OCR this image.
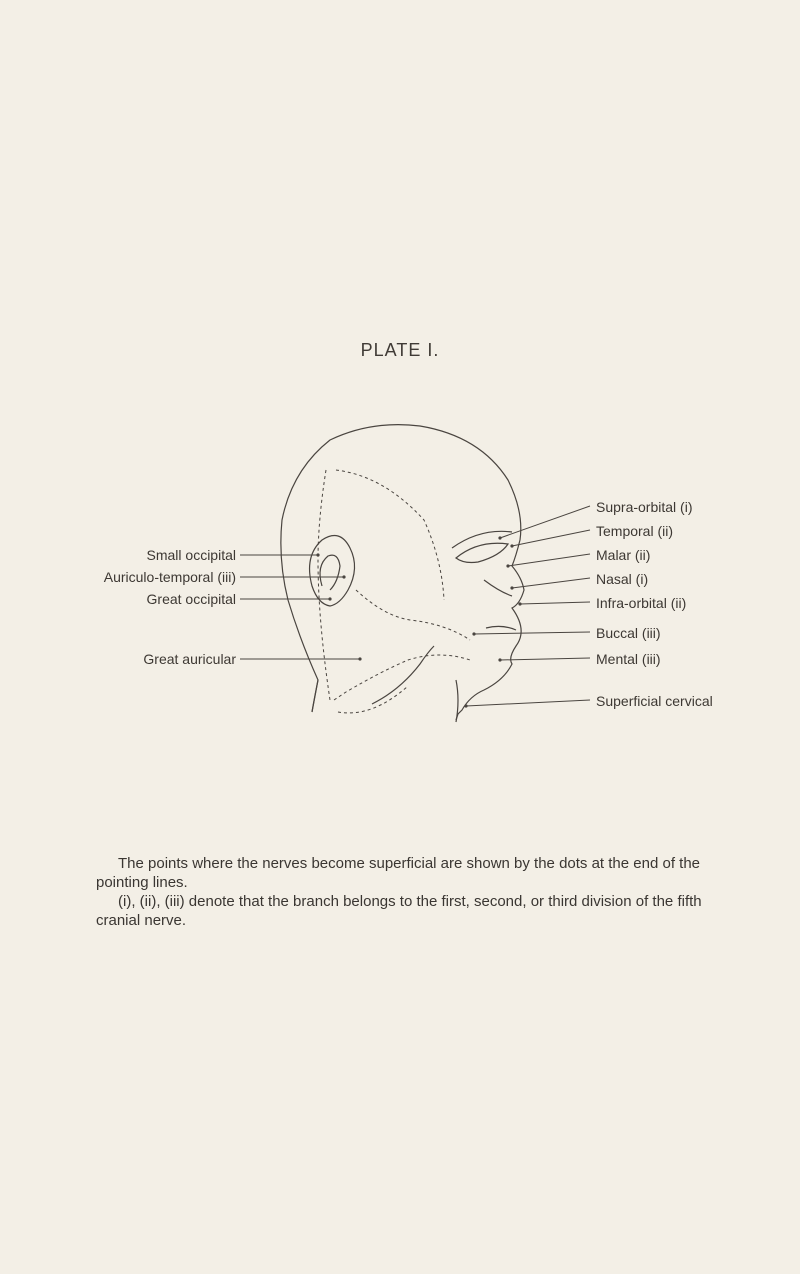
PLATE I.
Small occipital
Auriculo-temporal (iii)
Great occipital
Great auricular
Supra-orbital (i)
Temporal (ii)
Malar (ii)
Nasal (i)
Infra-orbital (ii)
Buccal (iii)
Mental (iii)
Superficial cervical

The points where the nerves become superficial are shown by the dots at the end of the pointing lines.

(i), (ii), (iii) denote that the branch belongs to the first, second, or third division of the fifth cranial nerve.
